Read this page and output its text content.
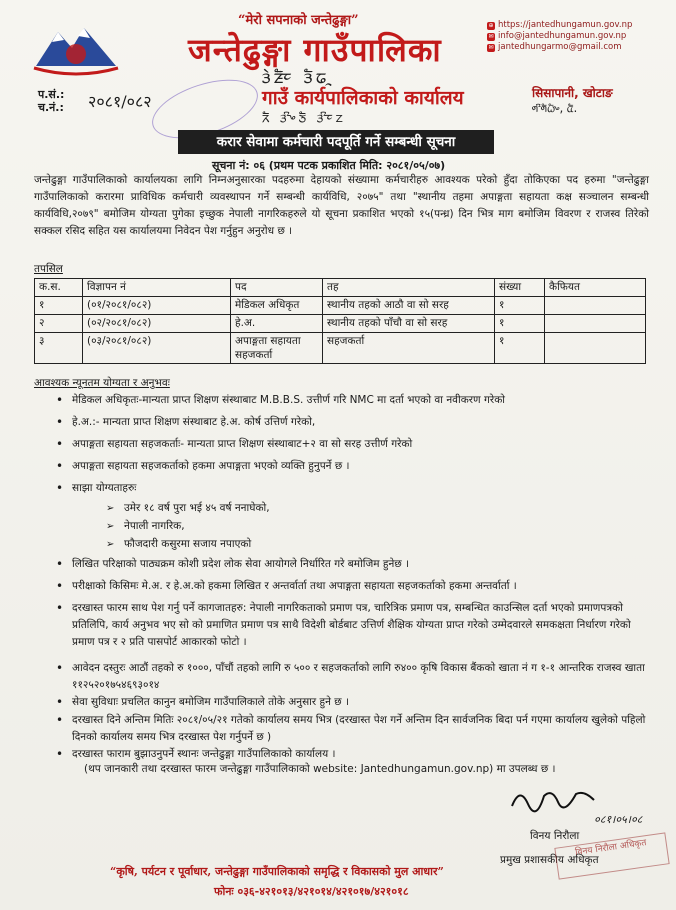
“मेरो सपनाको जन्तेढुङ्गा”
जन्तेढुङ्गा गाउँपालिका
ᤋᤧᤏ᤺ᤠᤰ ᤋᤠᤒᤳ
गाउँ कार्यपालिकाको कार्यालय
ᤖᤠ ᤋᤡᤴᤍᤠ ᤋᤡᤰᤁ
⊕ https://jantedhungamun.gov.np
✉ info@jantedhungamun.gov.np
✉ jantedhungarmo@gmail.com
प.सं.:
च.नं.: २०८१/०८२	सिसापानी, खोटाङ
ᤛᤡᤛᤠᤐᤠᤴ, ᤂᤠ.
करार सेवामा कर्मचारी पदपूर्ति गर्ने सम्बन्धी सूचना
सूचना नं: ०६ (प्रथम पटक प्रकाशित मिति: २०८१/०५/०७)
जन्तेढुङ्गा गाउँपालिकाको कार्यालयका लागि निम्नअनुसारका पदहरुमा देहायको संख्यामा कर्मचारीहरु आवश्यक परेको हुँदा तोकिएका पद हरुमा "जन्तेढुङ्गा गाउँपालिकाको करारमा प्राविधिक कर्मचारी व्यवस्थापन गर्ने सम्बन्धी कार्यविधि, २०७५" तथा "स्थानीय तहमा अपाङ्गता सहायता कक्ष सञ्चालन सम्बन्धी कार्यविधि,२०७९" बमोजिम योग्यता पुगेका इच्छुक नेपाली नागरिकहरुले यो सूचना प्रकाशित भएको १५(पन्ध्र) दिन भित्र माग बमोजिम विवरण र राजस्व तिरेको सक्कल रसिद सहित यस कार्यालयमा निवेदन पेश गर्नुहुन अनुरोध छ ।
तपसिल
क.स.	विज्ञापन नं	पद	तह	संख्या	कैफियत
१	(०१/२०८१/०८२)	मेडिकल अधिकृत	स्थानीय तहको आठौ वा सो सरह	१	
२	(०२/२०८१/०८२)	हे.अ.	स्थानीय तहको पाँचौ वा सो सरह	१	
३	(०३/२०८१/०८२)	अपाङ्गता सहायता सहजकर्ता	सहजकर्ता	१	
आवश्यक न्यूनतम योग्यता र अनुभवः
• मेडिकल अधिकृतः-मान्यता प्राप्त शिक्षण संस्थाबाट M.B.B.S. उत्तीर्ण गरि NMC मा दर्ता भएको वा नवीकरण गरेको
• हे.अ.:- मान्यता प्राप्त शिक्षण संस्थाबाट हे.अ. कोर्ष उत्तिर्ण गरेको,
• अपाङ्गता सहायता सहजकर्ताः- मान्यता प्राप्त शिक्षण संस्थाबाट+२ वा सो सरह उत्तीर्ण गरेको
• अपाङ्गता सहायता सहजकर्ताको हकमा अपाङ्गता भएको व्यक्ति हुनुपर्ने छ ।
• साझा योग्यताहरुः
➢ उमेर १८ वर्ष पुरा भई ४५ वर्ष ननाघेको,
➢ नेपाली नागरिक,
➢ फौजदारी कसुरमा सजाय नपाएको
• लिखित परिक्षाको पाठ्यक्रम कोशी प्रदेश लोक सेवा आयोगले निर्धारित गरे बमोजिम हुनेछ ।
• परीक्षाको किसिमः मे.अ. र हे.अ.को हकमा लिखित र अन्तर्वार्ता तथा अपाङ्गता सहायता सहजकर्ताको हकमा अन्तर्वार्ता ।
• दरखास्त फारम साथ पेश गर्नु पर्ने कागजातहरु: नेपाली नागरिकताको प्रमाण पत्र, चारित्रिक प्रमाण पत्र, सम्बन्धित काउन्सिल दर्ता भएको प्रमाणपत्रको प्रतिलिपि, कार्य अनुभव भए सो को प्रमाणित प्रमाण पत्र साथै विदेशी बोर्डबाट उत्तिर्ण शैक्षिक योग्यता प्राप्त गरेको उम्मेदवारले समकक्षता निर्धारण गरेको प्रमाण पत्र र २ प्रति पासपोर्ट आकारको फोटो ।
• आवेदन दस्तुरः आठौं तहको रु १०००, पाँचौं तहको लागि रु ५०० र सहजकर्ताको लागि रु४०० कृषि विकास बैंकको खाता नं ग १-१ आन्तरिक राजस्व खाता ११२५२०१७५४६९३०१४
• सेवा सुविधाः प्रचलित कानुन बमोजिम गाउँपालिकाले तोके अनुसार हुने छ ।
• दरखास्त दिने अन्तिम मितिः २०८१/०५/२१ गतेको कार्यालय समय भित्र (दरखास्त पेश गर्ने अन्तिम दिन सार्वजनिक बिदा पर्न गएमा कार्यालय खुलेको पहिलो दिनको कार्यालय समय भित्र दरखास्त पेश गर्नुपर्ने छ )
• दरखास्त फाराम बुझाउनुपर्ने स्थानः जन्तेढुङ्गा गाउँपालिकाको कार्यालय ।
(थप जानकारी तथा दरखास्त फारम जन्तेढुङ्गा गाउँपालिकाको website: Jantedhungamun.gov.np) मा उपलब्ध छ ।
०८१।०५।०८
विनय निरौला
प्रमुख प्रशासकीय अधिकृत
विनय निरौला अधिकृत
“कृषि, पर्यटन र पूर्वाधार, जन्तेढुङ्गा गाउँपालिकाको समृद्धि र विकासको मुल आधार”
फोनः ०३६-४२१०१३/४२१०१४/४२१०१७/४२१०१८
